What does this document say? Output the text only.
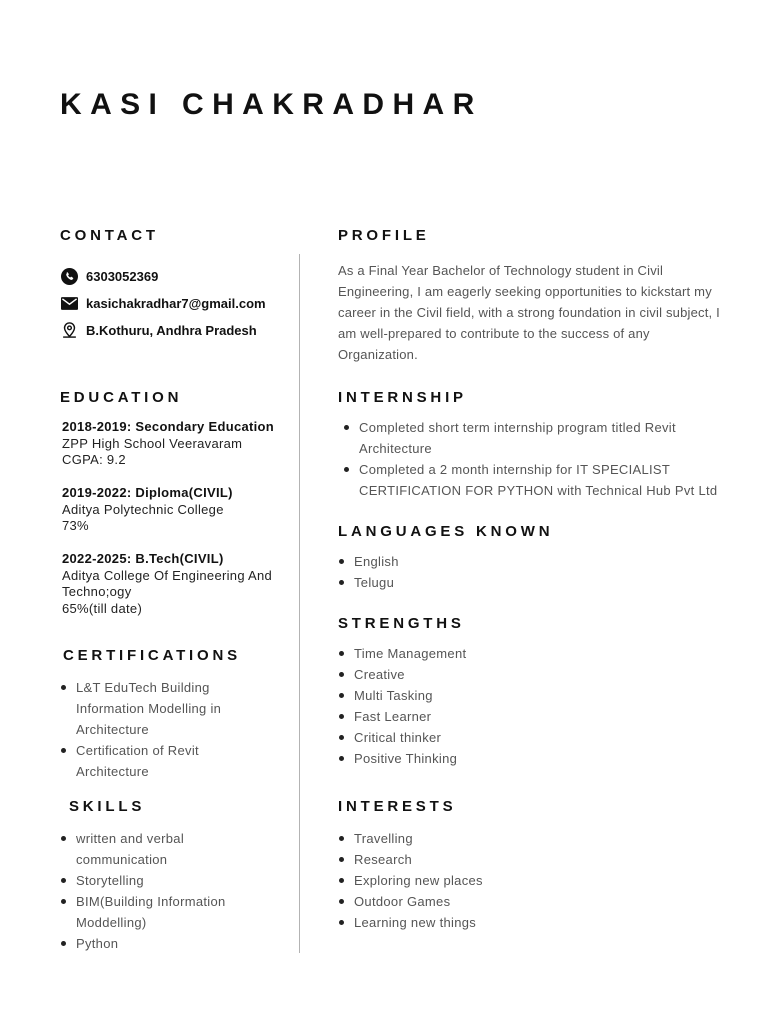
KASI CHAKRADHAR
CONTACT
6303052369
kasichakradhar7@gmail.com
B.Kothuru, Andhra Pradesh
EDUCATION
2018-2019: Secondary Education
ZPP High School Veeravaram
CGPA: 9.2
2019-2022: Diploma(CIVIL)
Aditya Polytechnic College
73%
2022-2025: B.Tech(CIVIL)
Aditya College Of Engineering And Techno;ogy
65%(till date)
CERTIFICATIONS
L&T EduTech Building Information Modelling in Architecture
Certification of Revit Architecture
SKILLS
written and verbal communication
Storytelling
BIM(Building Information Moddelling)
Python
PROFILE

As a Final Year Bachelor of Technology student in Civil Engineering, I am eagerly seeking opportunities to kickstart my career in the Civil field, with a strong foundation in civil subject, I am well-prepared to contribute to the success of any Organization.

INTERNSHIP
Completed short term internship program titled Revit Architecture
Completed a 2 month internship for IT SPECIALIST CERTIFICATION FOR PYTHON with Technical Hub Pvt Ltd
LANGUAGES KNOWN
English
Telugu
STRENGTHS
Time Management
Creative
Multi Tasking
Fast Learner
Critical thinker
Positive Thinking
INTERESTS
Travelling
Research
Exploring new places
Outdoor Games
Learning new things
